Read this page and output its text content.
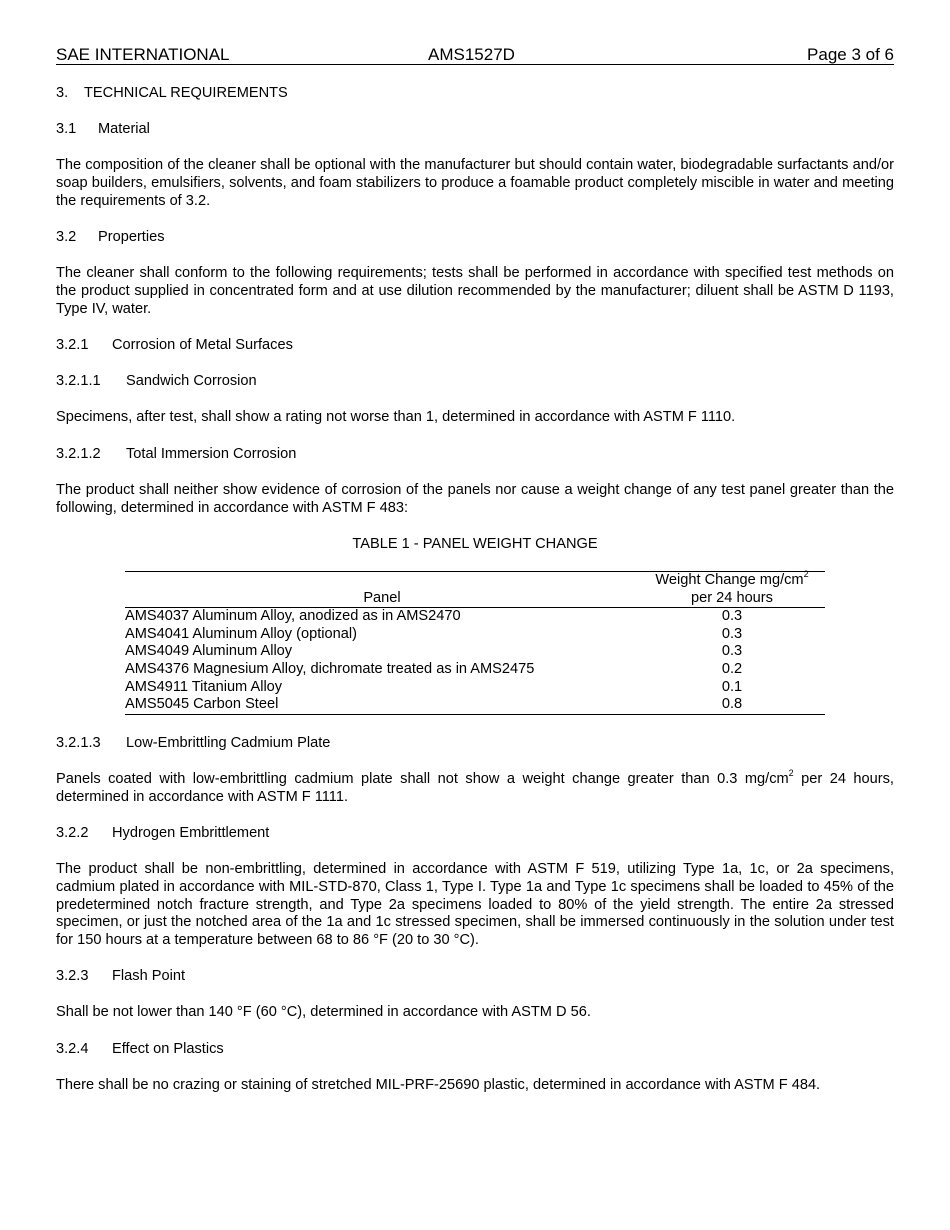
SAE INTERNATIONAL	AMS1527D	Page 3 of 6
3. TECHNICAL REQUIREMENTS
3.1 Material

The composition of the cleaner shall be optional with the manufacturer but should contain water, biodegradable surfactants and/or soap builders, emulsifiers, solvents, and foam stabilizers to produce a foamable product completely miscible in water and meeting the requirements of 3.2.

3.2 Properties

The cleaner shall conform to the following requirements; tests shall be performed in accordance with specified test methods on the product supplied in concentrated form and at use dilution recommended by the manufacturer; diluent shall be ASTM D 1193, Type IV, water.

3.2.1 Corrosion of Metal Surfaces
3.2.1.1 Sandwich Corrosion

Specimens, after test, shall show a rating not worse than 1, determined in accordance with ASTM F 1110.

3.2.1.2 Total Immersion Corrosion

The product shall neither show evidence of corrosion of the panels nor cause a weight change of any test panel greater than the following, determined in accordance with ASTM F 483:

TABLE 1 - PANEL WEIGHT CHANGE
Panel	Weight Change $mg/cm^2$
per 24 hours
AMS4037 Aluminum Alloy, anodized as in AMS2470	0.3
AMS4041 Aluminum Alloy (optional)	0.3
AMS4049 Aluminum Alloy	0.3
AMS4376 Magnesium Alloy, dichromate treated as in AMS2475	0.2
AMS4911 Titanium Alloy	0.1
AMS5045 Carbon Steel	0.8
3.2.1.3 Low-Embrittling Cadmium Plate

Panels coated with low-embrittling cadmium plate shall not show a weight change greater than 0.3 $mg/cm^2$ per 24 hours, determined in accordance with ASTM F 1111.

3.2.2 Hydrogen Embrittlement

The product shall be non-embrittling, determined in accordance with ASTM F 519, utilizing Type 1a, 1c, or 2a specimens, cadmium plated in accordance with MIL-STD-870, Class 1, Type I. Type 1a and Type 1c specimens shall be loaded to 45% of the predetermined notch fracture strength, and Type 2a specimens loaded to 80% of the yield strength. The entire 2a stressed specimen, or just the notched area of the 1a and 1c stressed specimen, shall be immersed continuously in the solution under test for 150 hours at a temperature between 68 to 86 °F (20 to 30 °C).

3.2.3 Flash Point

Shall be not lower than 140 °F (60 °C), determined in accordance with ASTM D 56.

3.2.4 Effect on Plastics

There shall be no crazing or staining of stretched MIL-PRF-25690 plastic, determined in accordance with ASTM F 484.
